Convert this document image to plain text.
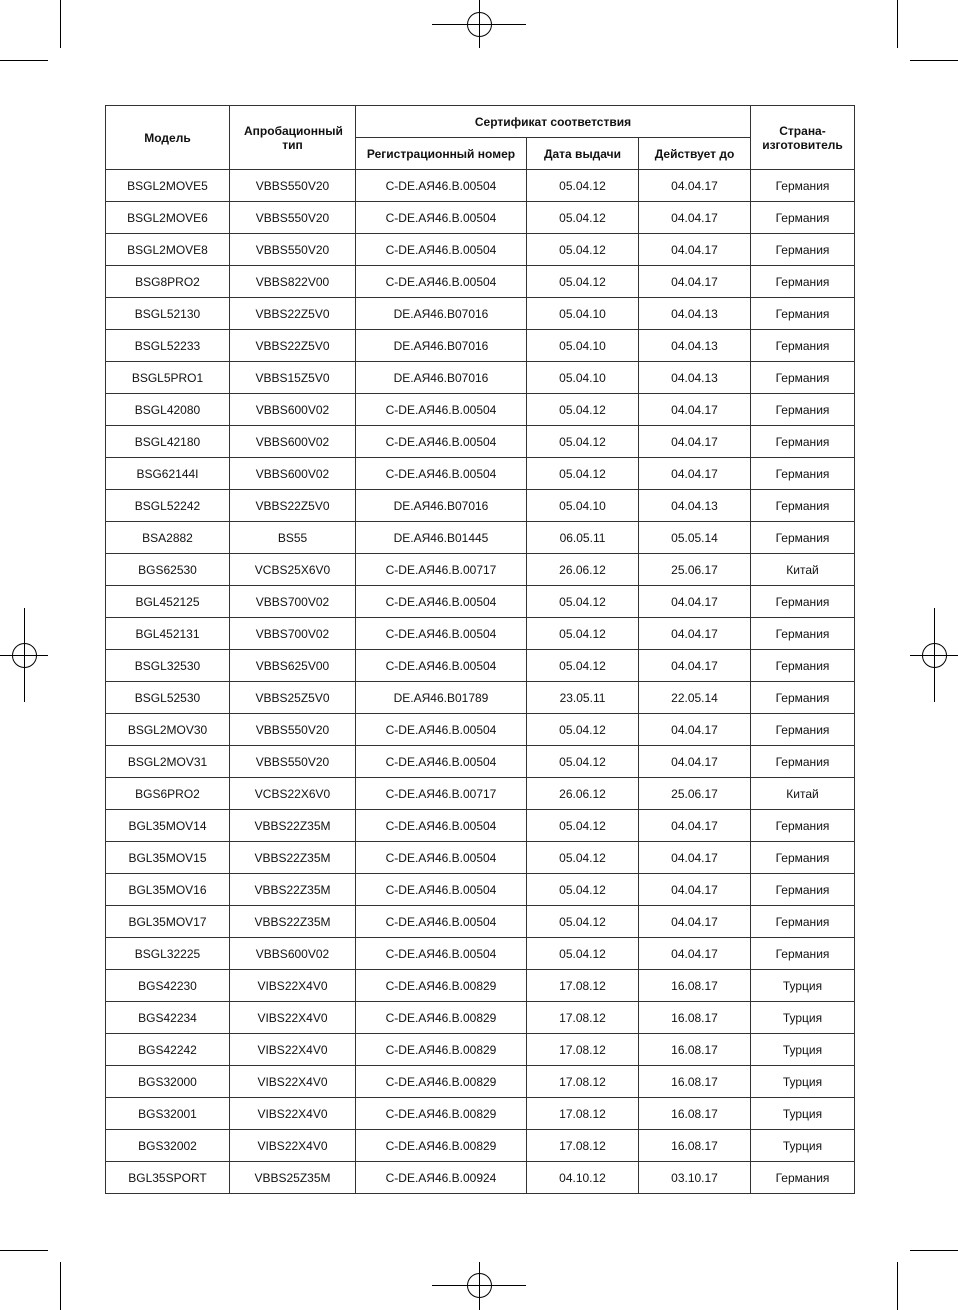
Модель	Апробационный тип	Сертификат соответствия			Страна-изготовитель
		Регистрационный номер	Дата выдачи	Действует до	
BSGL2MOVE5	VBBS550V20	C-DE.АЯ46.В.00504	05.04.12	04.04.17	Германия
BSGL2MOVE6	VBBS550V20	C-DE.АЯ46.В.00504	05.04.12	04.04.17	Германия
BSGL2MOVE8	VBBS550V20	C-DE.АЯ46.В.00504	05.04.12	04.04.17	Германия
BSG8PRO2	VBBS822V00	C-DE.АЯ46.В.00504	05.04.12	04.04.17	Германия
BSGL52130	VBBS22Z5V0	DE.АЯ46.В07016	05.04.10	04.04.13	Германия
BSGL52233	VBBS22Z5V0	DE.АЯ46.В07016	05.04.10	04.04.13	Германия
BSGL5PRO1	VBBS15Z5V0	DE.АЯ46.В07016	05.04.10	04.04.13	Германия
BSGL42080	VBBS600V02	C-DE.АЯ46.В.00504	05.04.12	04.04.17	Германия
BSGL42180	VBBS600V02	C-DE.АЯ46.В.00504	05.04.12	04.04.17	Германия
BSG62144I	VBBS600V02	C-DE.АЯ46.В.00504	05.04.12	04.04.17	Германия
BSGL52242	VBBS22Z5V0	DE.АЯ46.В07016	05.04.10	04.04.13	Германия
BSA2882	BS55	DE.АЯ46.В01445	06.05.11	05.05.14	Германия
BGS62530	VCBS25X6V0	C-DE.АЯ46.В.00717	26.06.12	25.06.17	Китай
BGL452125	VBBS700V02	C-DE.АЯ46.В.00504	05.04.12	04.04.17	Германия
BGL452131	VBBS700V02	C-DE.АЯ46.В.00504	05.04.12	04.04.17	Германия
BSGL32530	VBBS625V00	C-DE.АЯ46.В.00504	05.04.12	04.04.17	Германия
BSGL52530	VBBS25Z5V0	DE.АЯ46.В01789	23.05.11	22.05.14	Германия
BSGL2MOV30	VBBS550V20	C-DE.АЯ46.В.00504	05.04.12	04.04.17	Германия
BSGL2MOV31	VBBS550V20	C-DE.АЯ46.В.00504	05.04.12	04.04.17	Германия
BGS6PRO2	VCBS22X6V0	C-DE.АЯ46.В.00717	26.06.12	25.06.17	Китай
BGL35MOV14	VBBS22Z35M	C-DE.АЯ46.В.00504	05.04.12	04.04.17	Германия
BGL35MOV15	VBBS22Z35M	C-DE.АЯ46.В.00504	05.04.12	04.04.17	Германия
BGL35MOV16	VBBS22Z35M	C-DE.АЯ46.В.00504	05.04.12	04.04.17	Германия
BGL35MOV17	VBBS22Z35M	C-DE.АЯ46.В.00504	05.04.12	04.04.17	Германия
BSGL32225	VBBS600V02	C-DE.АЯ46.В.00504	05.04.12	04.04.17	Германия
BGS42230	VIBS22X4V0	C-DE.АЯ46.В.00829	17.08.12	16.08.17	Турция
BGS42234	VIBS22X4V0	C-DE.АЯ46.В.00829	17.08.12	16.08.17	Турция
BGS42242	VIBS22X4V0	C-DE.АЯ46.В.00829	17.08.12	16.08.17	Турция
BGS32000	VIBS22X4V0	C-DE.АЯ46.В.00829	17.08.12	16.08.17	Турция
BGS32001	VIBS22X4V0	C-DE.АЯ46.В.00829	17.08.12	16.08.17	Турция
BGS32002	VIBS22X4V0	C-DE.АЯ46.В.00829	17.08.12	16.08.17	Турция
BGL35SPORT	VBBS25Z35M	C-DE.АЯ46.В.00924	04.10.12	03.10.17	Германия
